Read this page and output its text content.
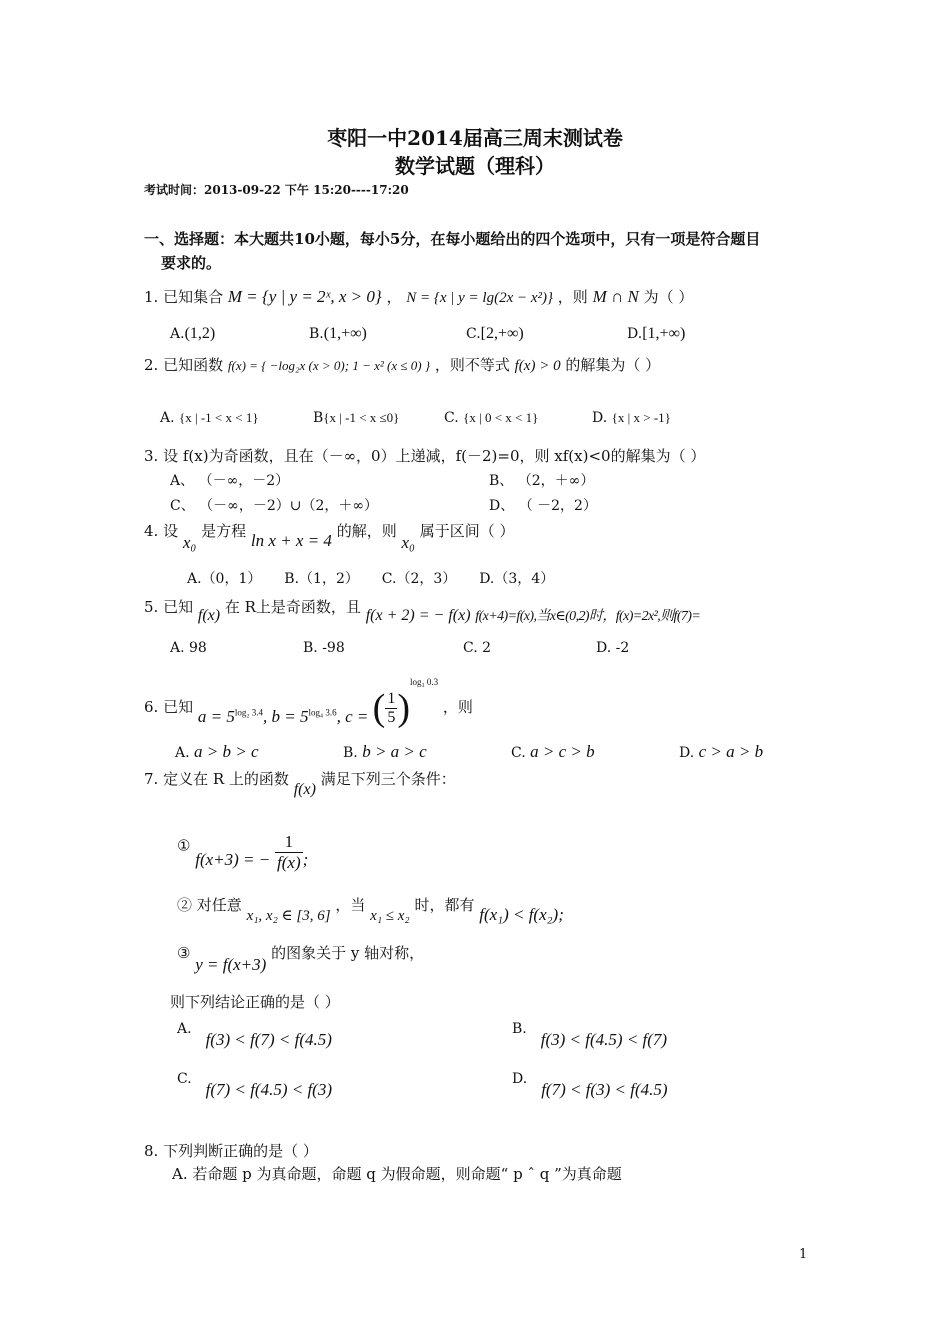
枣阳一中2014届高三周末测试卷
数学试题（理科）
考试时间：2013-09-22 下午 15:20----17:20
一、选择题：本大题共10小题，每小5分，在每小题给出的四个选项中，只有一项是符合题目
要求的。
1. 已知集合 M = {y | y = 2ˣ, x > 0} ， N = {x | y = lg(2x − x²)} ，则 M ∩ N 为（ ）
A.(1,2)	B.(1,+∞)	C.[2,+∞)	D.[1,+∞)
2. 已知函数 f(x) = { −log₂x (x > 0); 1 − x² (x ≤ 0) } ，则不等式 f(x) > 0 的解集为（ ）
A. {x | -1 < x < 1}	B{x | -1 < x ≤0}	C. {x | 0 < x < 1}	D. {x | x > -1}
3. 设 f(x)为奇函数，且在（－∞，0）上递减，f(－2)=0，则 xf(x)<0的解集为（ ）
A、 （－∞，－2）	B、 （2，＋∞）
C、 （－∞，－2）∪（2，＋∞）	D、 （ －2，2）
4. 设 x₀ 是方程 ln x + x = 4 的解，则 x₀ 属于区间（ ）
A.（0，1） B.（1，2） C.（2，3） D.（3，4）
5. 已知 f(x) 在 R上是奇函数，且 f(x + 2) = − f(x) f(x+4)=f(x),当x∈(0,2)时，f(x)=2x²,则f(7)=
A. 98	B. -98	C. 2	D. -2
6. 已知 $a = 5^{log_2 3.4}$, $b = 5^{log_4 3.6}$, c = ( $\frac{1}{5} )^{log_3 0.3}$ ，则
A. a > b > c	B. b > a > c	C. a > c > b	D. c > a > b
7. 定义在 R 上的函数 f(x) 满足下列三个条件：
① f(x+3) = − $\frac{1}{f(x)}$ ;
② 对任意 x₁, x₂ ∈ [3, 6] ，当 x₁ ≤ x₂ 时，都有 f(x₁) < f(x₂);
③ y = f(x+3) 的图象关于 y 轴对称，
则下列结论正确的是（ ）
A.f(3) < f(7) < f(4.5)
B.f(3) < f(4.5) < f(7)
C.f(7) < f(4.5) < f(3)
D.f(7) < f(3) < f(4.5)
8. 下列判断正确的是（ ）
A. 若命题 p 为真命题，命题 q 为假命题，则命题“ p ˆ q ”为真命题
1
